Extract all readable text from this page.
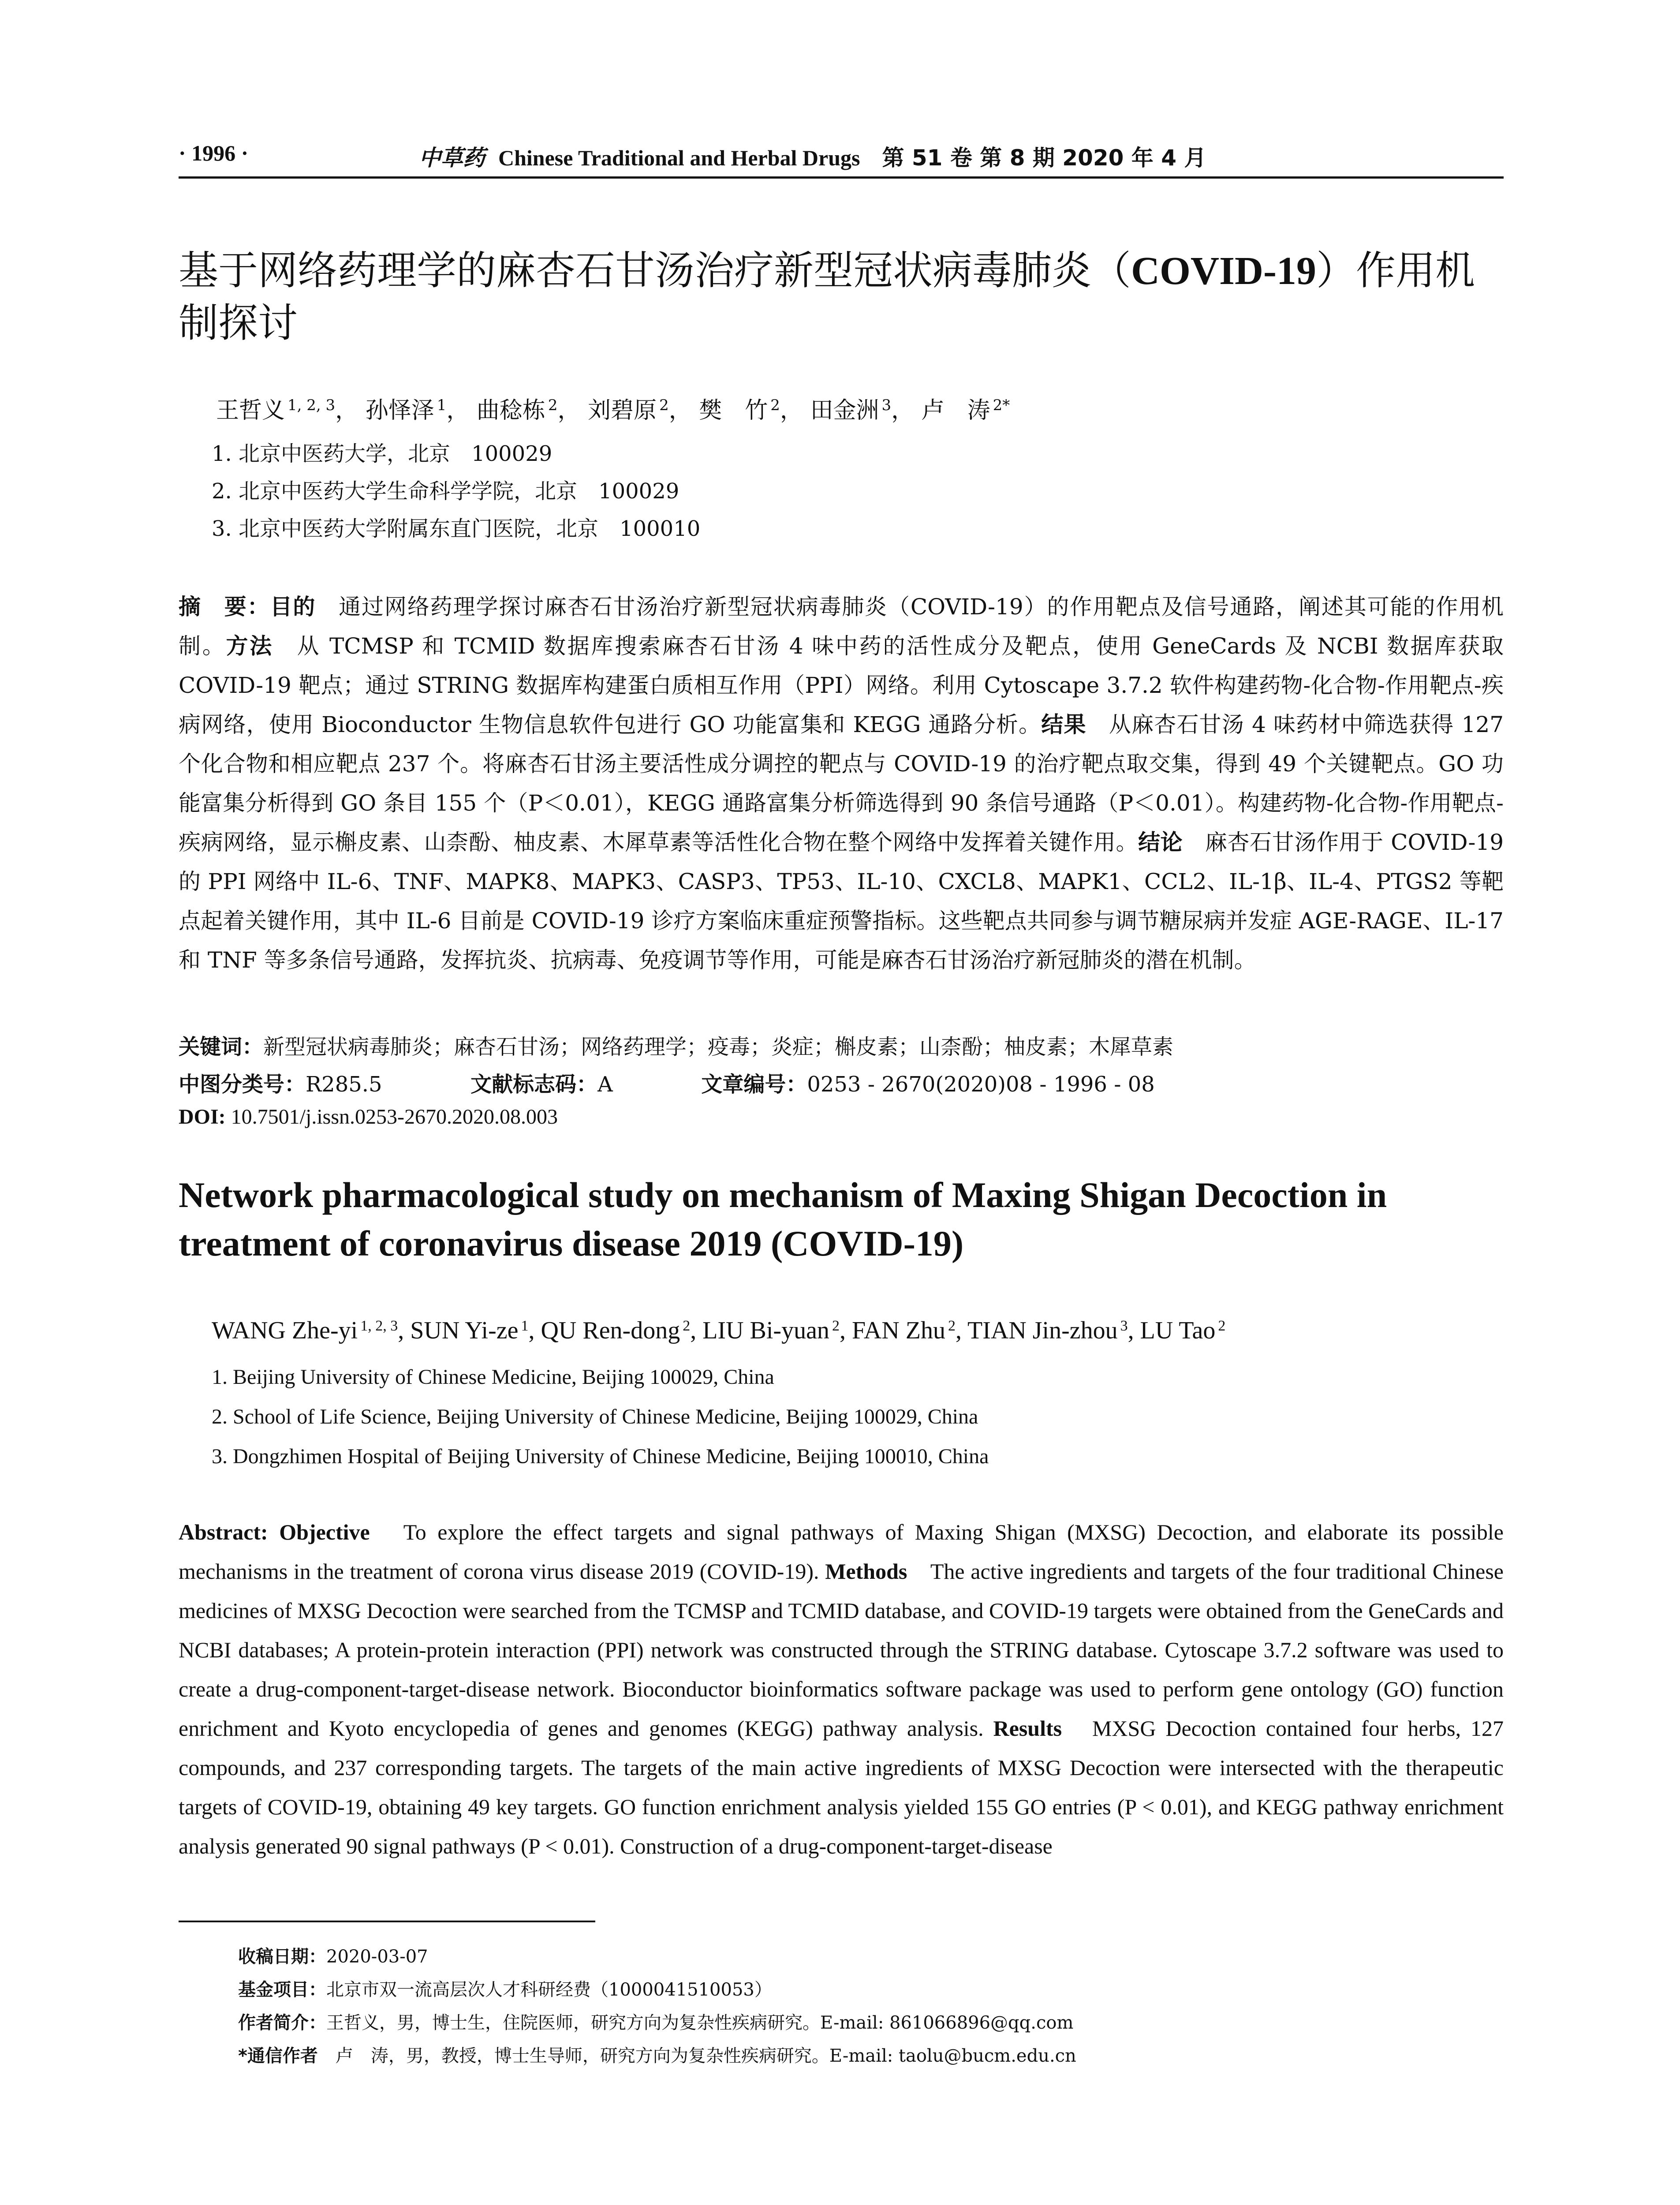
· 1996 ·	中草药 Chinese Traditional and Herbal Drugs　 第 51 卷 第 8 期 2020 年 4 月
基于网络药理学的麻杏石甘汤治疗新型冠状病毒肺炎（COVID-19）作用机制探讨
王哲义 $^{1, 2, 3}$， 孙怿泽 $^1$， 曲稔栋 $^2$， 刘碧原 $^2$， 樊　竹 $^2$， 田金洲 $^3$， 卢　涛 $^{2*}$
1. 北京中医药大学，北京　100029
2. 北京中医药大学生命科学学院，北京　100029
3. 北京中医药大学附属东直门医院，北京　100010
摘　要：目的　通过网络药理学探讨麻杏石甘汤治疗新型冠状病毒肺炎（COVID-19）的作用靶点及信号通路，阐述其可能的作用机制。方法　从 TCMSP 和 TCMID 数据库搜索麻杏石甘汤 4 味中药的活性成分及靶点，使用 GeneCards 及 NCBI 数据库获取 COVID-19 靶点；通过 STRING 数据库构建蛋白质相互作用（PPI）网络。利用 Cytoscape 3.7.2 软件构建药物-化合物-作用靶点-疾病网络，使用 Bioconductor 生物信息软件包进行 GO 功能富集和 KEGG 通路分析。结果　从麻杏石甘汤 4 味药材中筛选获得 127 个化合物和相应靶点 237 个。将麻杏石甘汤主要活性成分调控的靶点与 COVID-19 的治疗靶点取交集，得到 49 个关键靶点。GO 功能富集分析得到 GO 条目 155 个（P＜0.01），KEGG 通路富集分析筛选得到 90 条信号通路（P＜0.01）。构建药物-化合物-作用靶点-疾病网络，显示槲皮素、山柰酚、柚皮素、木犀草素等活性化合物在整个网络中发挥着关键作用。结论　麻杏石甘汤作用于 COVID-19 的 PPI 网络中 IL-6、TNF、MAPK8、MAPK3、CASP3、TP53、IL-10、CXCL8、MAPK1、CCL2、IL-1β、IL-4、PTGS2 等靶点起着关键作用，其中 IL-6 目前是 COVID-19 诊疗方案临床重症预警指标。这些靶点共同参与调节糖尿病并发症 AGE-RAGE、IL-17 和 TNF 等多条信号通路，发挥抗炎、抗病毒、免疫调节等作用，可能是麻杏石甘汤治疗新冠肺炎的潜在机制。
关键词：新型冠状病毒肺炎；麻杏石甘汤；网络药理学；疫毒；炎症；槲皮素；山柰酚；柚皮素；木犀草素
中图分类号：R285.5	文献标志码：A	文章编号：0253 - 2670(2020)08 - 1996 - 08
DOI: 10.7501/j.issn.0253-2670.2020.08.003
Network pharmacological study on mechanism of Maxing Shigan Decoction in treatment of coronavirus disease 2019 (COVID-19)
WANG Zhe-yi $^{1, 2, 3}$, SUN Yi-ze $^1$, QU Ren-dong $^2$, LIU Bi-yuan $^2$, FAN Zhu $^2$, TIAN Jin-zhou $^3$, LU Tao $^2$
1. Beijing University of Chinese Medicine, Beijing 100029, China
2. School of Life Science, Beijing University of Chinese Medicine, Beijing 100029, China
3. Dongzhimen Hospital of Beijing University of Chinese Medicine, Beijing 100010, China
Abstract: Objective　To explore the effect targets and signal pathways of Maxing Shigan (MXSG) Decoction, and elaborate its possible mechanisms in the treatment of corona virus disease 2019 (COVID-19). Methods　The active ingredients and targets of the four traditional Chinese medicines of MXSG Decoction were searched from the TCMSP and TCMID database, and COVID-19 targets were obtained from the GeneCards and NCBI databases; A protein-protein interaction (PPI) network was constructed through the STRING database. Cytoscape 3.7.2 software was used to create a drug-component-target-disease network. Bioconductor bioinformatics software package was used to perform gene ontology (GO) function enrichment and Kyoto encyclopedia of genes and genomes (KEGG) pathway analysis. Results　MXSG Decoction contained four herbs, 127 compounds, and 237 corresponding targets. The targets of the main active ingredients of MXSG Decoction were intersected with the therapeutic targets of COVID-19, obtaining 49 key targets. GO function enrichment analysis yielded 155 GO entries (P < 0.01), and KEGG pathway enrichment analysis generated 90 signal pathways (P < 0.01). Construction of a drug-component-target-disease
收稿日期：2020-03-07
基金项目：北京市双一流高层次人才科研经费（1000041510053）
作者简介：王哲义，男，博士生，住院医师，研究方向为复杂性疾病研究。E-mail: 861066896@qq.com
*通信作者　卢　涛，男，教授，博士生导师，研究方向为复杂性疾病研究。E-mail: taolu@bucm.edu.cn
